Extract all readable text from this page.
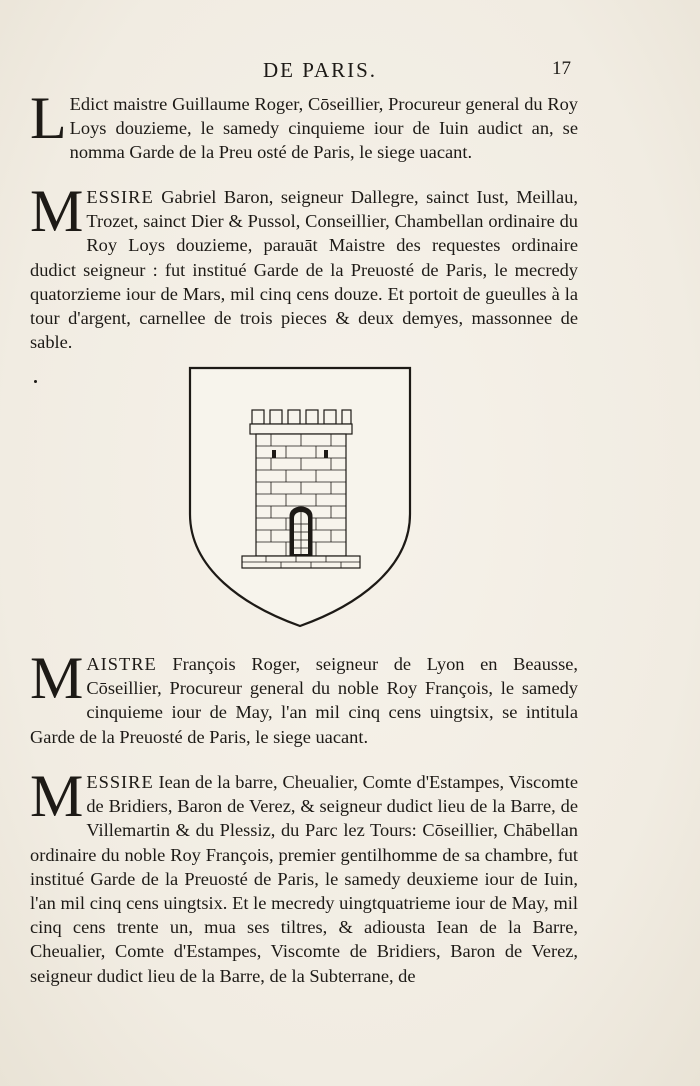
DE PARIS.	17
L Edict maistre Guillaume Roger, Cōseillier, Procureur general du Roy Loys douzieme, le samedy cinquieme iour de Iuin audict an, se nomma Garde de la Preu osté de Paris, le siege uacant.
MESSIRE Gabriel Baron, seigneur Dallegre, sainct Iust, Meillau, Trozet, sainct Dier & Pussol, Conseillier, Chambellan ordinaire du Roy Loys douzieme, parauāt Maistre des requestes ordinaire dudict seigneur : fut institué Garde de la Preuosté de Paris, le mecredy quatorzieme iour de Mars, mil cinq cens douze. Et portoit de gueulles à la tour d'argent, carnellee de trois pieces & deux demyes, massonnee de sable.
MAISTRE François Roger, seigneur de Lyon en Beausse, Cōseillier, Procureur general du noble Roy François, le samedy cinquieme iour de May, l'an mil cinq cens uingtsix, se intitula Garde de la Preuosté de Paris, le siege uacant.
MESSIRE Iean de la barre, Cheualier, Comte d'Estampes, Viscomte de Bridiers, Baron de Verez, & seigneur dudict lieu de la Barre, de Villemartin & du Plessiz, du Parc lez Tours: Cōseillier, Chābellan ordinaire du noble Roy François, premier gentilhomme de sa chambre, fut institué Garde de la Preuosté de Paris, le samedy deuxieme iour de Iuin, l'an mil cinq cens uingtsix. Et le mecredy uingtquatrieme iour de May, mil cinq cens trente un, mua ses tiltres, & adiousta Iean de la Barre, Cheualier, Comte d'Estampes, Viscomte de Bridiers, Baron de Verez, seigneur dudict lieu de la Barre, de la Subterrane, de
